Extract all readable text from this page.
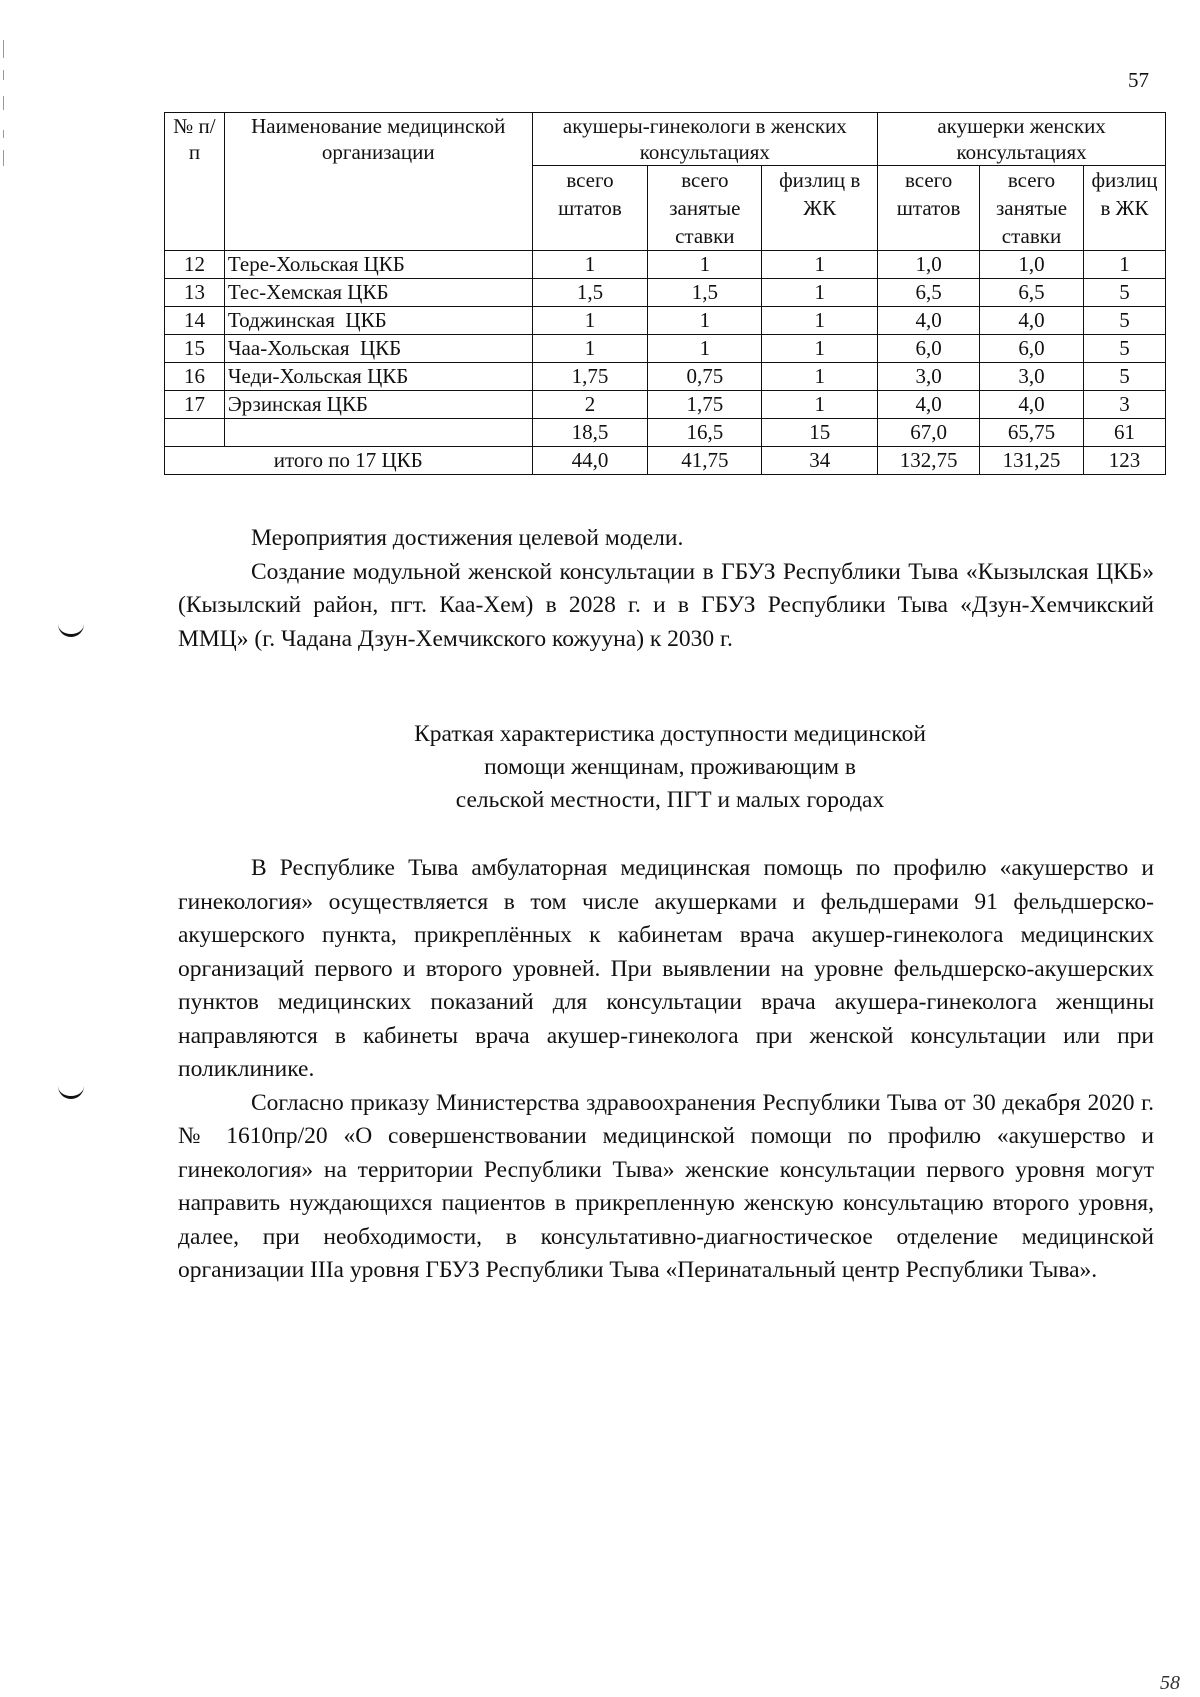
57
№ п/п	Наименование медицинской организации	акушеры-гинекологи в женских консультациях			акушерки женских консультациях		
		всего штатов	всего занятые ставки	физлиц в ЖК	всего штатов	всего занятые ставки	физлиц в ЖК
12	Тере-Хольская ЦКБ	1	1	1	1,0	1,0	1
13	Тес-Хемская ЦКБ	1,5	1,5	1	6,5	6,5	5
14	Тоджинская  ЦКБ	1	1	1	4,0	4,0	5
15	Чаа-Хольская  ЦКБ	1	1	1	6,0	6,0	5
16	Чеди-Хольская ЦКБ	1,75	0,75	1	3,0	3,0	5
17	Эрзинская ЦКБ	2	1,75	1	4,0	4,0	3
		18,5	16,5	15	67,0	65,75	61
итого по 17 ЦКБ		44,0	41,75	34	132,75	131,25	123

Мероприятия достижения целевой модели.

Создание модульной женской консультации в ГБУЗ Республики Тыва «Кызылская ЦКБ» (Кызылский район, пгт. Каа-Хем) в 2028 г. и в ГБУЗ Республики Тыва «Дзун-Хемчикский ММЦ» (г. Чадана Дзун-Хемчикского кожууна) к 2030 г.

Краткая характеристика доступности медицинской
помощи женщинам, проживающим в
сельской местности, ПГТ и малых городах

В Республике Тыва амбулаторная медицинская помощь по профилю «акушерство и гинекология» осуществляется в том числе акушерками и фельдшерами 91 фельдшерско-акушерского пункта, прикреплённых к кабинетам врача акушер-гинеколога медицинских организаций первого и второго уровней. При выявлении на уровне фельдшерско-акушерских пунктов медицинских показаний для консультации врача акушера-гинеколога женщины направляются в кабинеты врача акушер-гинеколога при женской консультации или при поликлинике.

Согласно приказу Министерства здравоохранения Республики Тыва от 30 декабря 2020 г. № 1610пр/20 «О совершенствовании медицинской помощи по профилю «акушерство и гинекология» на территории Республики Тыва» женские консультации первого уровня могут направить нуждающихся пациентов в прикрепленную женскую консультацию второго уровня, далее, при необходимости, в консультативно-диагностическое отделение медицинской организации IIIа уровня ГБУЗ Республики Тыва «Перинатальный центр Республики Тыва».

58
